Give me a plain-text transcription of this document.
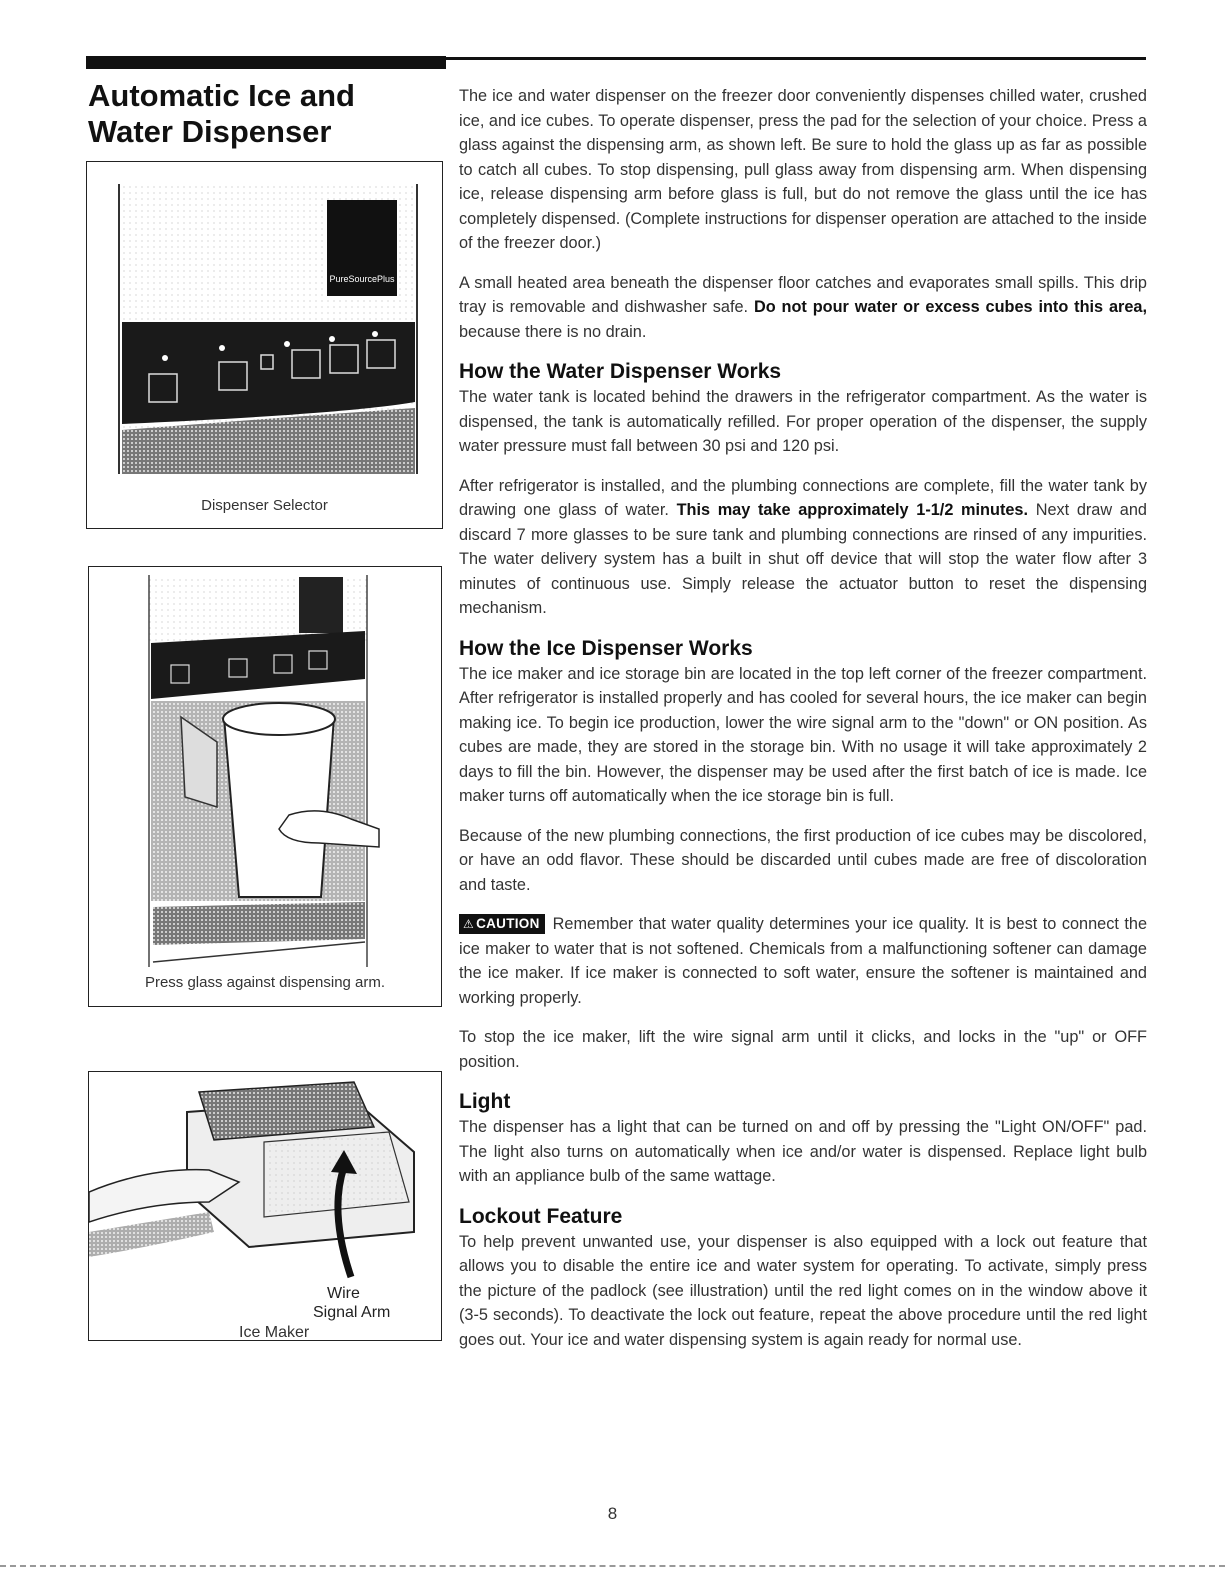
Automatic Ice and
Water Dispenser
PureSourcePlus
Dispenser Selector
Press glass against dispensing arm.
Wire
Signal Arm
Ice Maker

The ice and water dispenser on the freezer door conveniently dispenses chilled water, crushed ice, and ice cubes. To operate dispenser, press the pad for the selection of your choice. Press a glass against the dispensing arm, as shown left. Be sure to hold the glass up as far as possible to catch all cubes. To stop dispensing, pull glass away from dispensing arm. When dispensing ice, release dispensing arm before glass is full, but do not remove the glass until the ice has completely dispensed. (Complete instructions for dispenser operation are attached to the inside of the freezer door.)

A small heated area beneath the dispenser floor catches and evaporates small spills. This drip tray is removable and dishwasher safe. Do not pour water or excess cubes into this area, because there is no drain.

How the Water Dispenser Works

The water tank is located behind the drawers in the refrigerator compartment. As the water is dispensed, the tank is automatically refilled. For proper operation of the dispenser, the supply water pressure must fall between 30 psi and 120 psi.

After refrigerator is installed, and the plumbing connections are complete, fill the water tank by drawing one glass of water. This may take approximately 1-1/2 minutes. Next draw and discard 7 more glasses to be sure tank and plumbing connections are rinsed of any impurities. The water delivery system has a built in shut off device that will stop the water flow after 3 minutes of continuous use. Simply release the actuator button to reset the dispensing mechanism.

How the Ice Dispenser Works

The ice maker and ice storage bin are located in the top left corner of the freezer compartment. After refrigerator is installed properly and has cooled for several hours, the ice maker can begin making ice. To begin ice production, lower the wire signal arm to the "down" or ON position. As cubes are made, they are stored in the storage bin. With no usage it will take approximately 2 days to fill the bin. However, the dispenser may be used after the first batch of ice is made. Ice maker turns off automatically when the ice storage bin is full.

Because of the new plumbing connections, the first production of ice cubes may be discolored, or have an odd flavor. These should be discarded until cubes made are free of discoloration and taste.

⚠ CAUTION Remember that water quality determines your ice quality. It is best to connect the ice maker to water that is not softened. Chemicals from a malfunctioning softener can damage the ice maker. If ice maker is connected to soft water, ensure the softener is maintained and working properly.

To stop the ice maker, lift the wire signal arm until it clicks, and locks in the "up" or OFF position.

Light

The dispenser has a light that can be turned on and off by pressing the "Light ON/OFF" pad. The light also turns on automatically when ice and/or water is dispensed. Replace light bulb with an appliance bulb of the same wattage.

Lockout Feature

To help prevent unwanted use, your dispenser is also equipped with a lock out feature that allows you to disable the entire ice and water system for operating. To activate, simply press the picture of the padlock (see illustration) until the red light comes on in the window above it (3-5 seconds). To deactivate the lock out feature, repeat the above procedure until the red light goes out. Your ice and water dispensing system is again ready for normal use.

8
